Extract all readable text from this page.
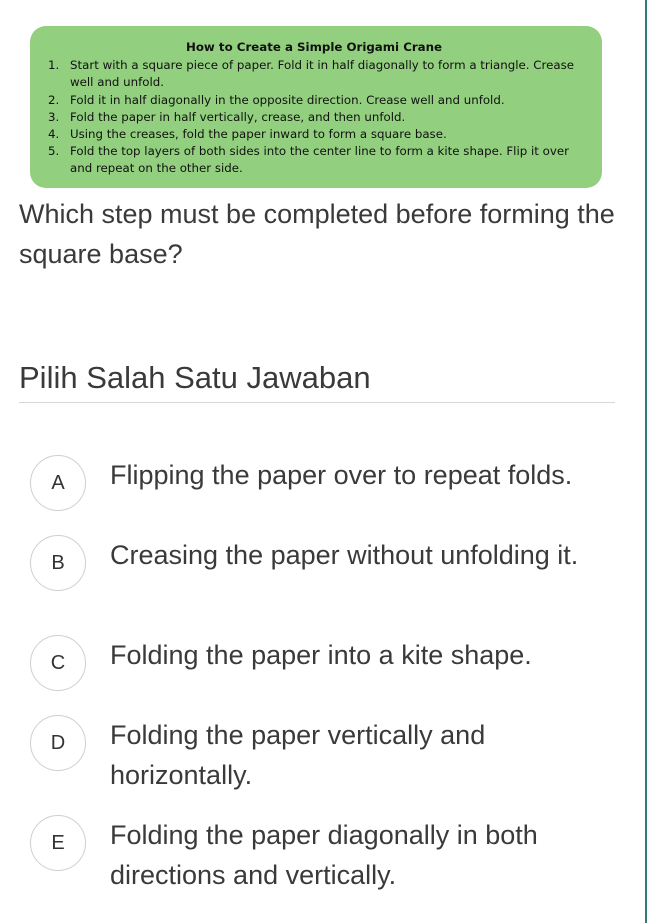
How to Create a Simple Origami Crane
1. Start with a square piece of paper. Fold it in half diagonally to form a triangle. Crease well and unfold.
2. Fold it in half diagonally in the opposite direction. Crease well and unfold.
3. Fold the paper in half vertically, crease, and then unfold.
4. Using the creases, fold the paper inward to form a square base.
5. Fold the top layers of both sides into the center line to form a kite shape. Flip it over and repeat on the other side.
Which step must be completed before forming the square base?
Pilih Salah Satu Jawaban
A	Flipping the paper over to repeat folds.
B	Creasing the paper without unfolding it.
C	Folding the paper into a kite shape.
D	Folding the paper vertically and horizontally.
E	Folding the paper diagonally in both directions and vertically.
